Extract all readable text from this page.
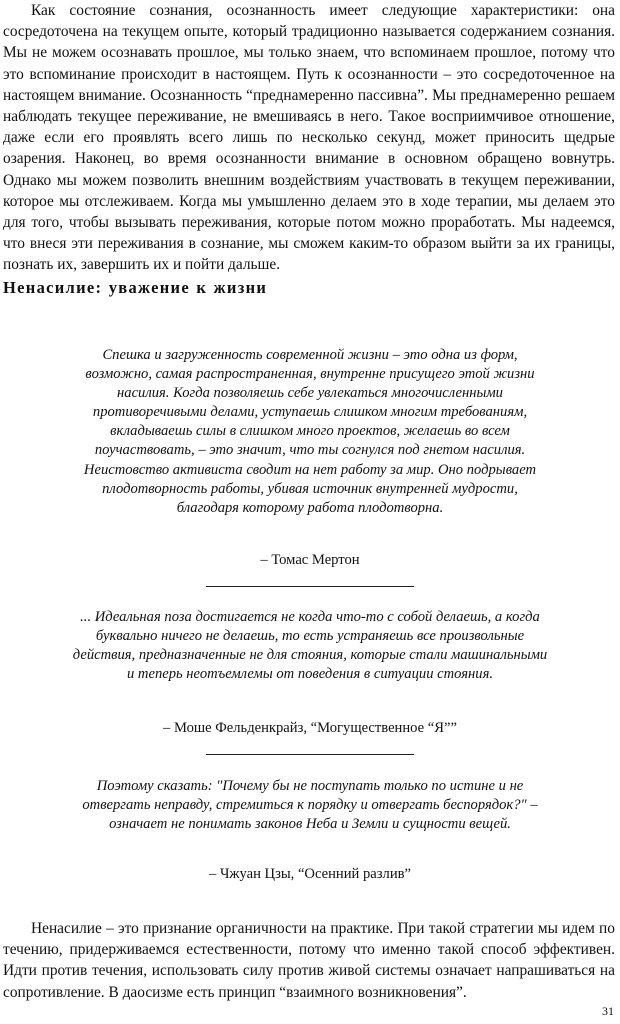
Как состояние сознания, осознанность имеет следующие характеристики: она сосредоточена на текущем опыте, который традиционно называется содержанием сознания. Мы не можем осознавать прошлое, мы только знаем, что вспоминаем прошлое, потому что это вспоминание происходит в настоящем. Путь к осознанности – это сосредоточенное на настоящем внимание. Осознанность “преднамеренно пассивна”. Мы преднамеренно решаем наблюдать текущее переживание, не вмешиваясь в него. Такое восприимчивое отношение, даже если его проявлять всего лишь по несколько секунд, может приносить щедрые озарения. Наконец, во время осознанности внимание в основном обращено вовнутрь. Однако мы можем позволить внешним воздействиям участвовать в текущем переживании, которое мы отслеживаем. Когда мы умышленно делаем это в ходе терапии, мы делаем это для того, чтобы вызывать переживания, которые потом можно проработать. Мы надеемся, что внеся эти переживания в сознание, мы сможем каким-то образом выйти за их границы, познать их, завершить их и пойти дальше.

Ненасилие: уважение к жизни

Спешка и загруженность современной жизни – это одна из форм, возможно, самая распространенная, внутренне присущего этой жизни насилия. Когда позволяешь себе увлекаться многочисленными противоречивыми делами, уступаешь слишком многим требованиям, вкладываешь силы в слишком много проектов, желаешь во всем поучаствовать, – это значит, что ты согнулся под гнетом насилия. Неистовство активиста сводит на нет работу за мир. Оно подрывает плодотворность работы, убивая источник внутренней мудрости, благодаря которому работа плодотворна.

– Томас Мертон

... Идеальная поза достигается не когда что-то с собой делаешь, а когда буквально ничего не делаешь, то есть устраняешь все произвольные действия, предназначенные не для стояния, которые стали машинальными и теперь неотъемлемы от поведения в ситуации стояния.

– Моше Фельденкрайз, “Могущественное “Я””

Поэтому сказать: "Почему бы не поступать только по истине и не отвергать неправду, стремиться к порядку и отвергать беспорядок?" – означает не понимать законов Неба и Земли и сущности вещей.

– Чжуан Цзы, “Осенний разлив”

Ненасилие – это признание органичности на практике. При такой стратегии мы идем по течению, придерживаемся естественности, потому что именно такой способ эффективен. Идти против течения, использовать силу против живой системы означает напрашиваться на сопротивление. В даосизме есть принцип “взаимного возникновения”.

31
